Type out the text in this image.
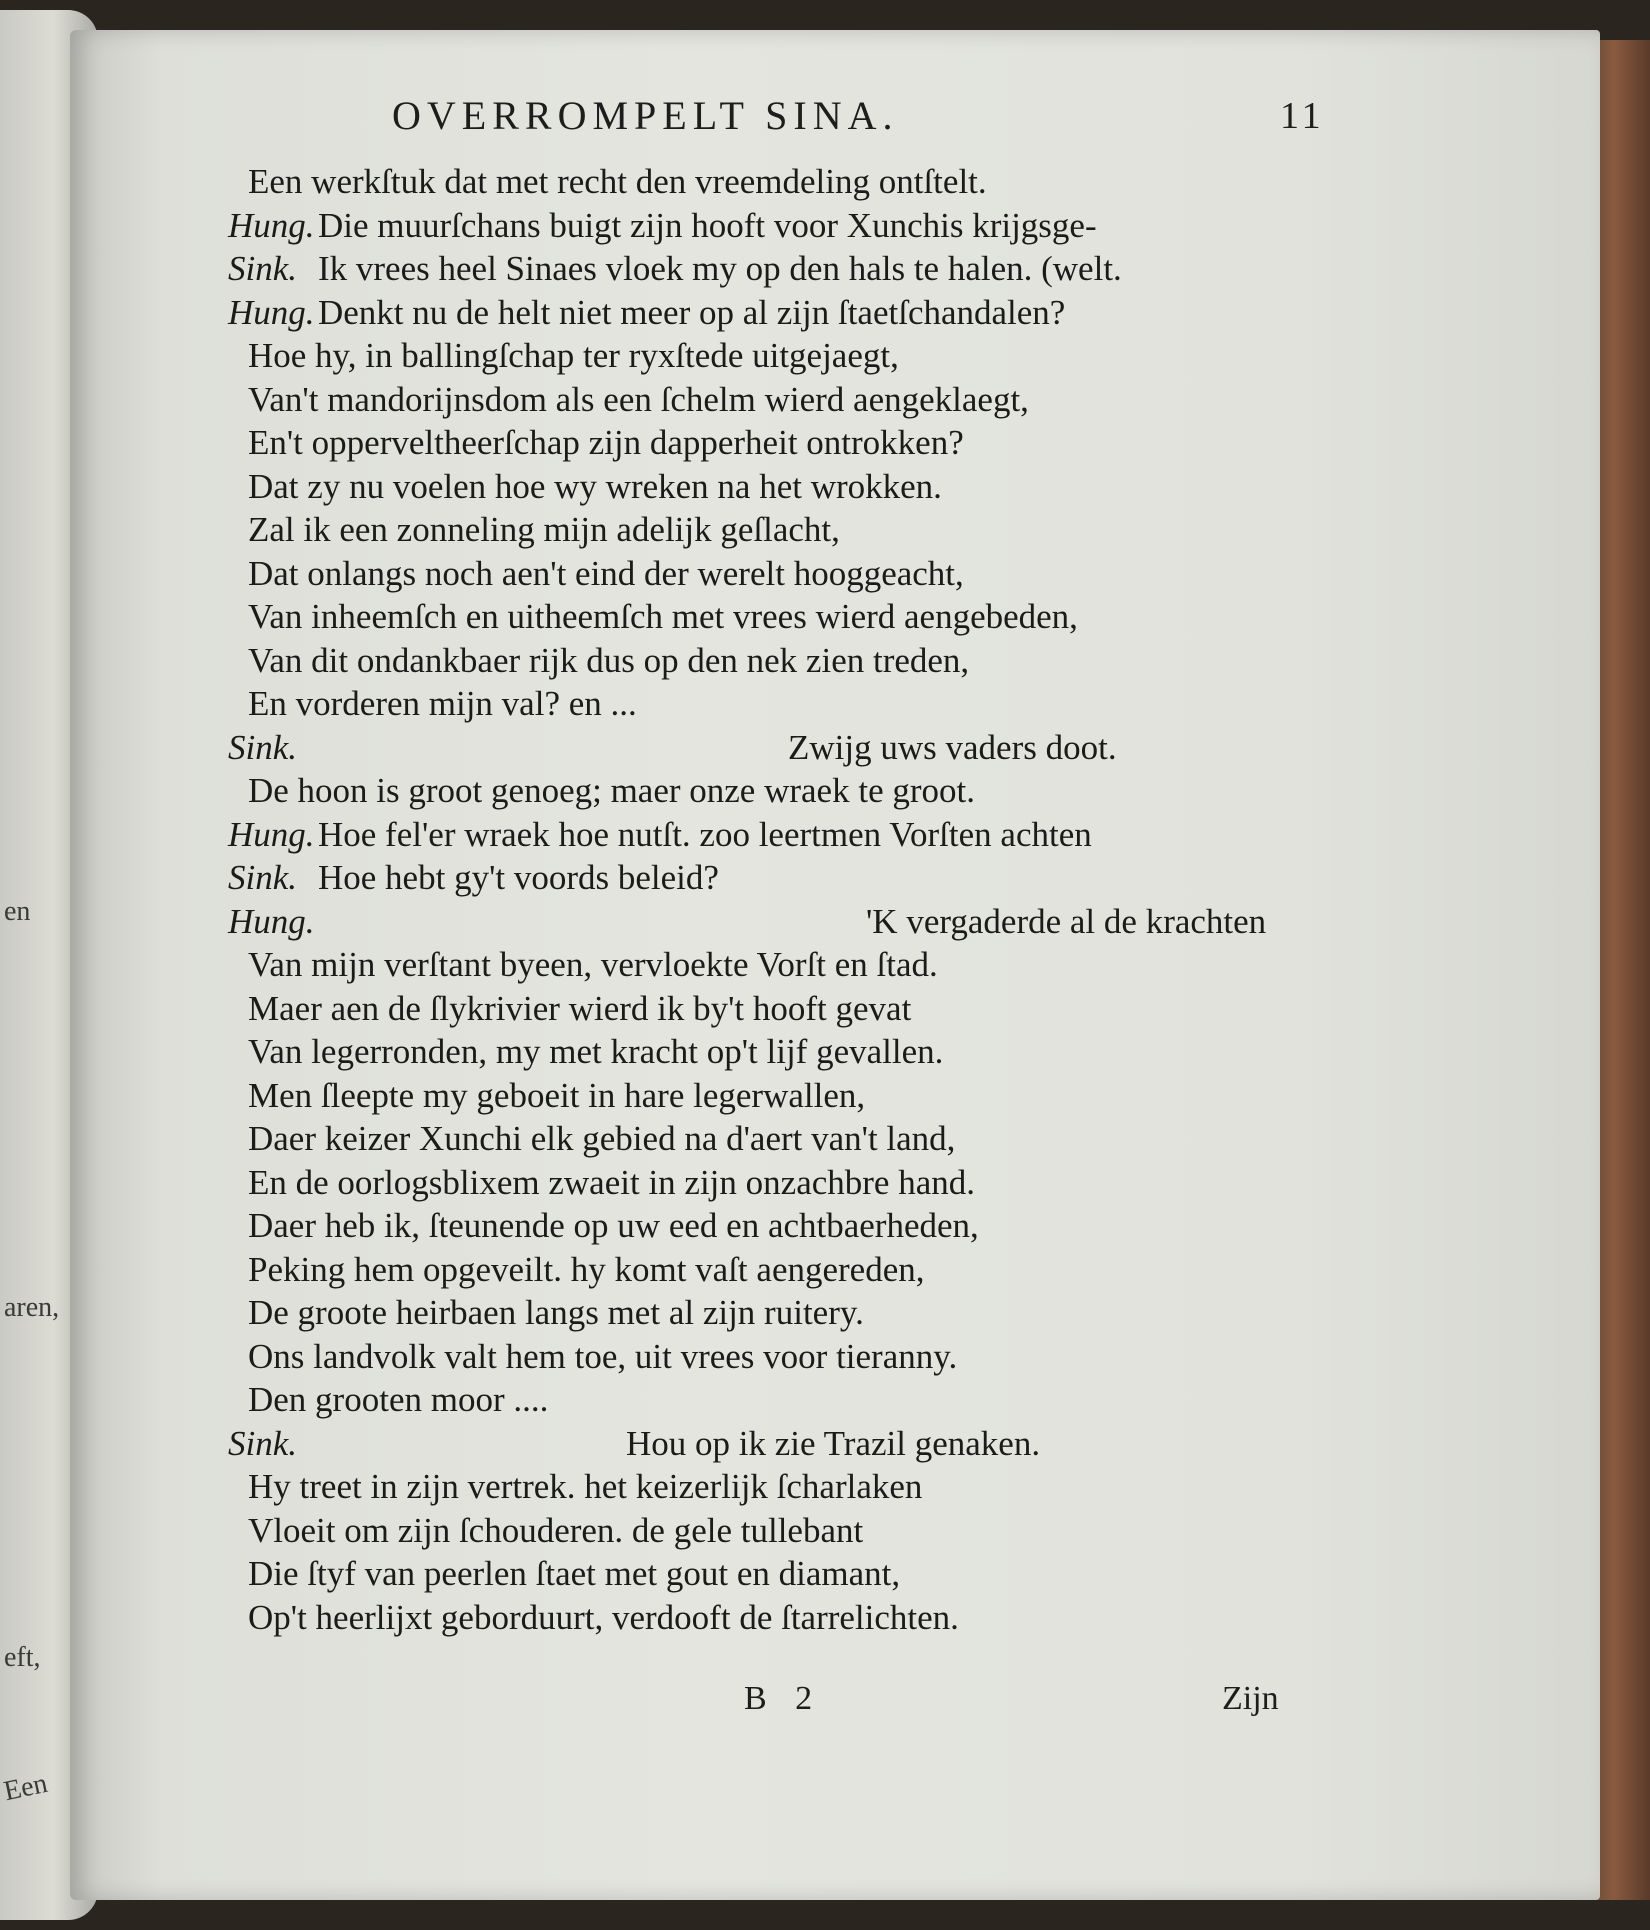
en
aren,
eft,
Een
OVERROMPELT SINA.	11
Een werkſtuk dat met recht den vreemdeling ontſtelt.
Hung. Die muurſchans buigt zijn hooft voor Xunchis krijgsge-
Sink. Ik vrees heel Sinaes vloek my op den hals te halen. (welt.
Hung. Denkt nu de helt niet meer op al zijn ſtaetſchandalen?
Hoe hy, in ballingſchap ter ryxſtede uitgejaegt,
Van't mandorijnsdom als een ſchelm wierd aengeklaegt,
En't opperveltheerſchap zijn dapperheit ontrokken?
Dat zy nu voelen hoe wy wreken na het wrokken.
Zal ik een zonneling mijn adelijk geſlacht,
Dat onlangs noch aen't eind der werelt hooggeacht,
Van inheemſch en uitheemſch met vrees wierd aengebeden,
Van dit ondankbaer rijk dus op den nek zien treden,
En vorderen mijn val? en ...
Sink.	Zwijg uws vaders doot.
De hoon is groot genoeg; maer onze wraek te groot.
Hung. Hoe fel'er wraek hoe nutſt. zoo leertmen Vorſten achten
Sink. Hoe hebt gy't voords beleid?
Hung.	'K vergaderde al de krachten
Van mijn verſtant byeen, vervloekte Vorſt en ſtad.
Maer aen de ſlykrivier wierd ik by't hooft gevat
Van legerronden, my met kracht op't lijf gevallen.
Men ſleepte my geboeit in hare legerwallen,
Daer keizer Xunchi elk gebied na d'aert van't land,
En de oorlogsblixem zwaeit in zijn onzachbre hand.
Daer heb ik, ſteunende op uw eed en achtbaerheden,
Peking hem opgeveilt. hy komt vaſt aengereden,
De groote heirbaen langs met al zijn ruitery.
Ons landvolk valt hem toe, uit vrees voor tieranny.
Den grooten moor ....
Sink.	Hou op ik zie Trazil genaken.
Hy treet in zijn vertrek. het keizerlijk ſcharlaken
Vloeit om zijn ſchouderen. de gele tullebant
Die ſtyf van peerlen ſtaet met gout en diamant,
Op't heerlijxt geborduurt, verdooft de ſtarrelichten.
B 2	Zijn
